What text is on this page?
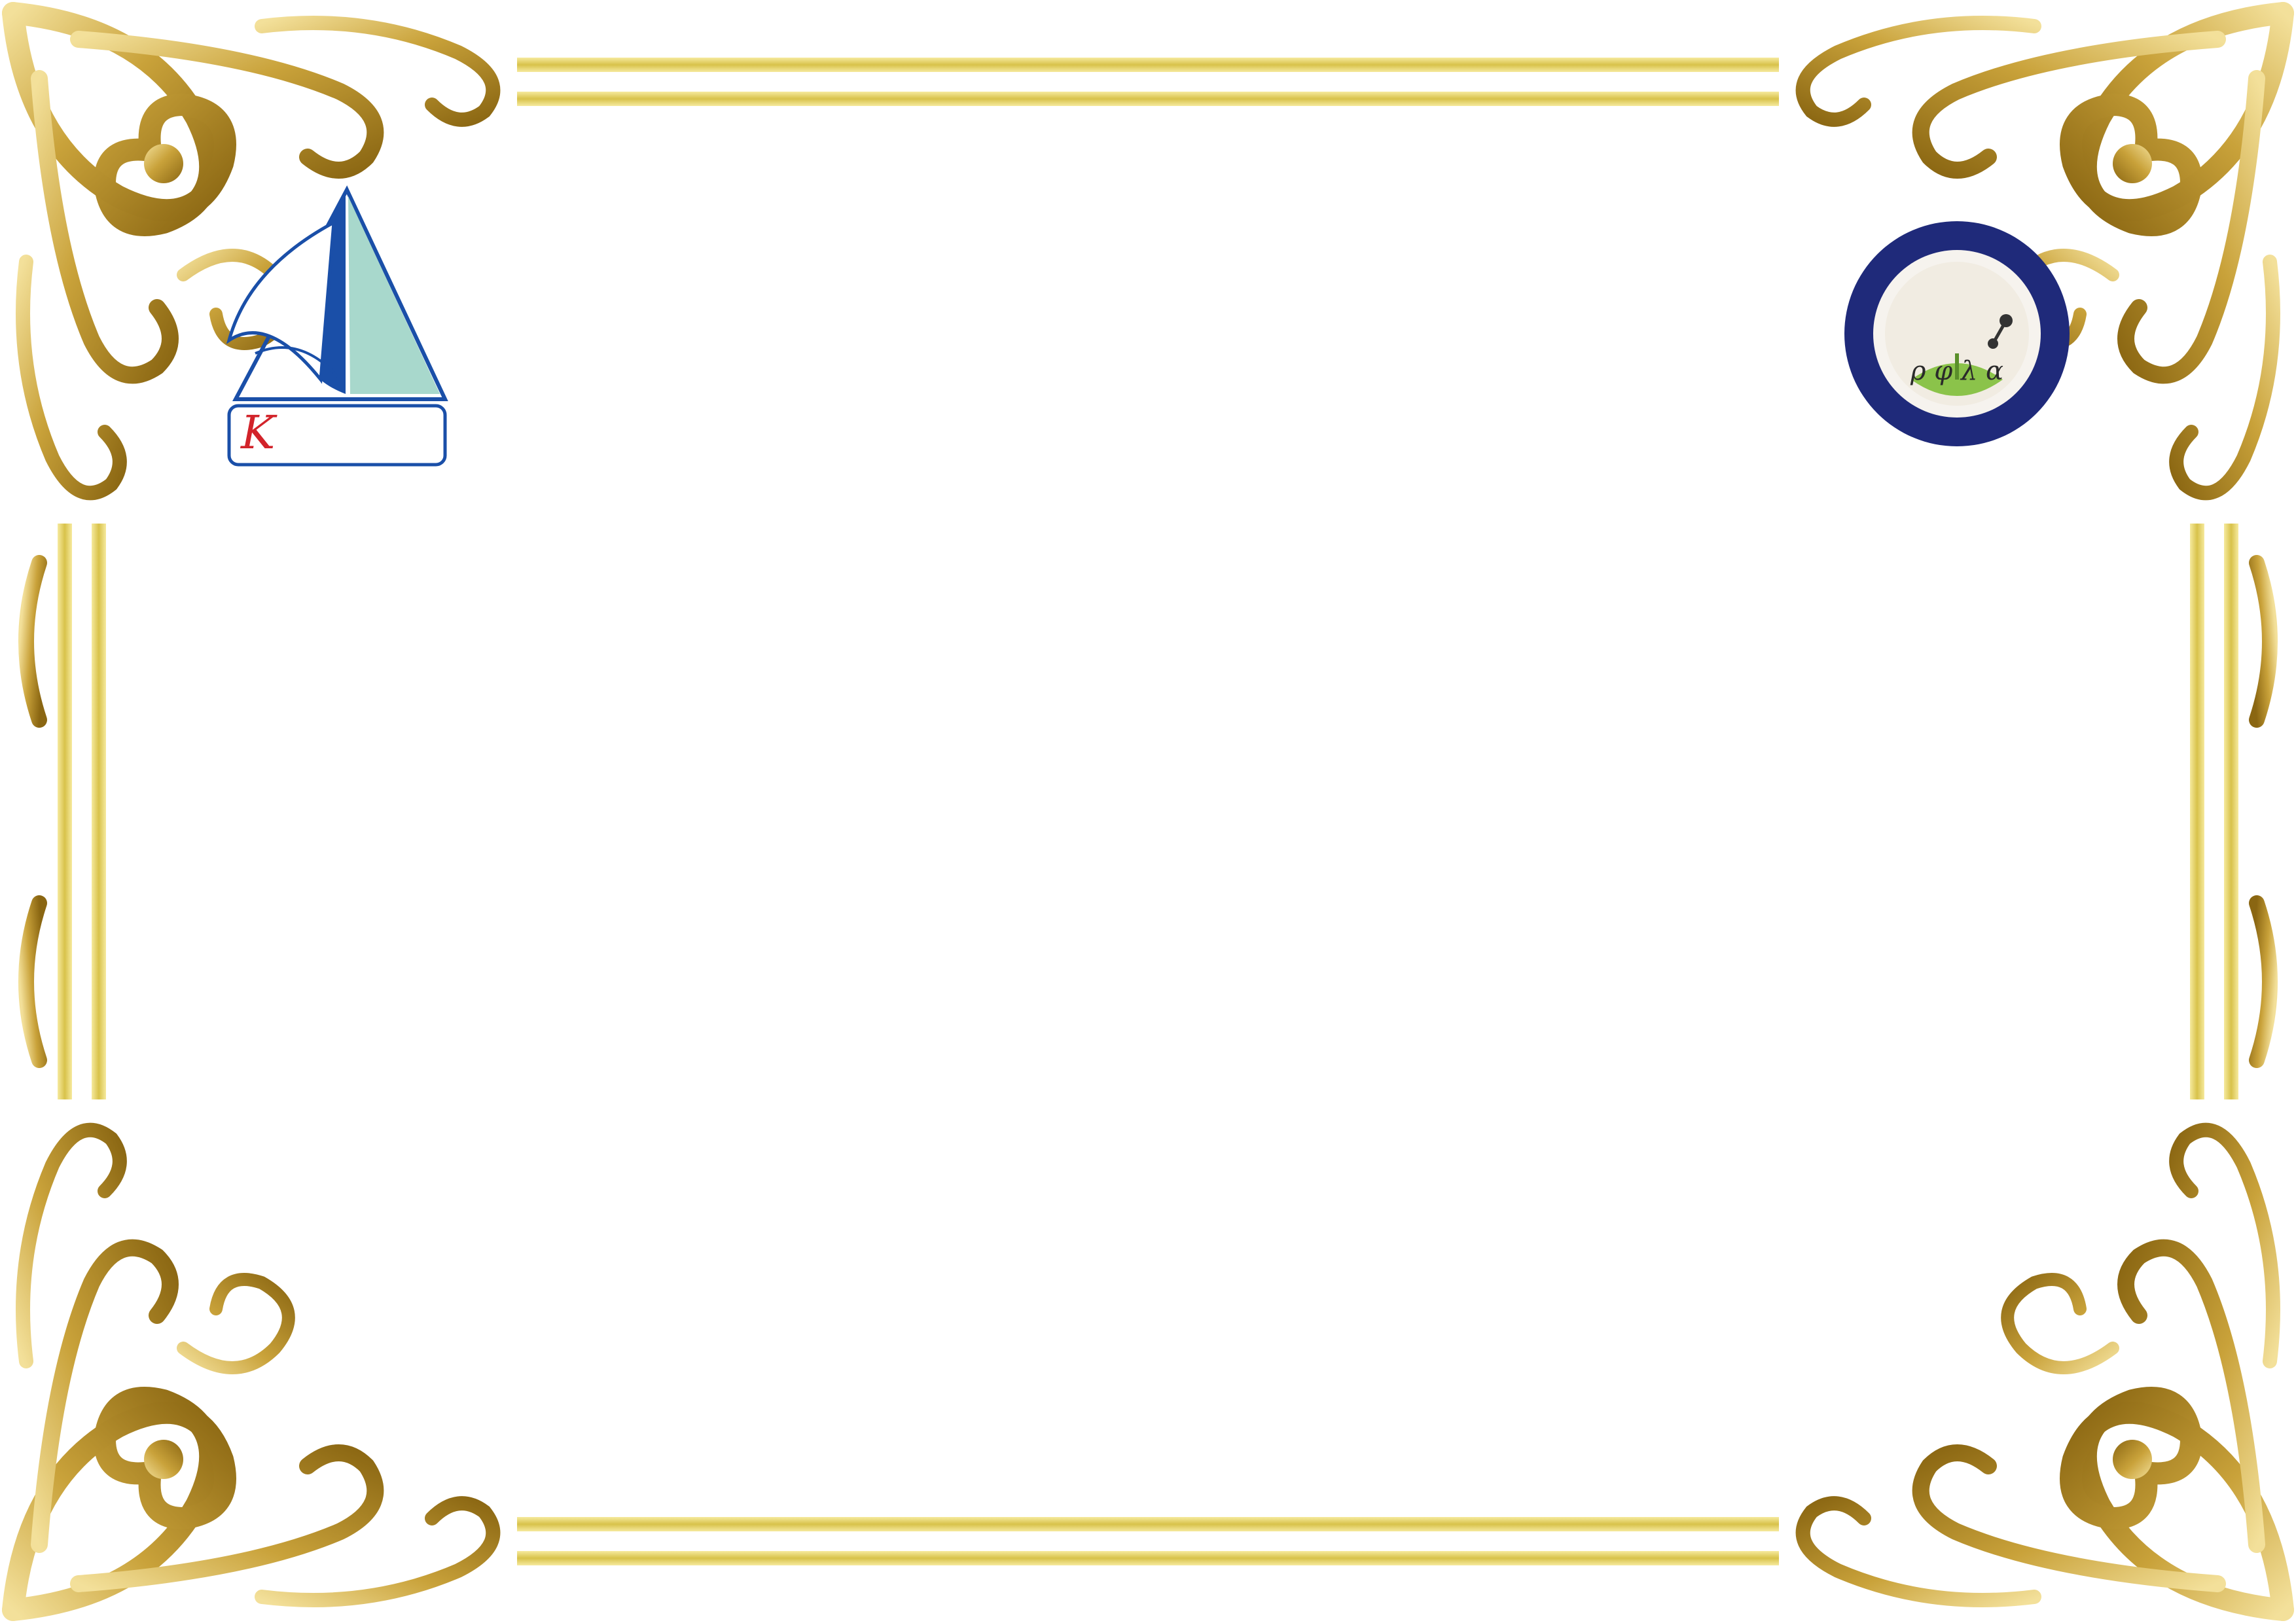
K
ρ φ λ α
